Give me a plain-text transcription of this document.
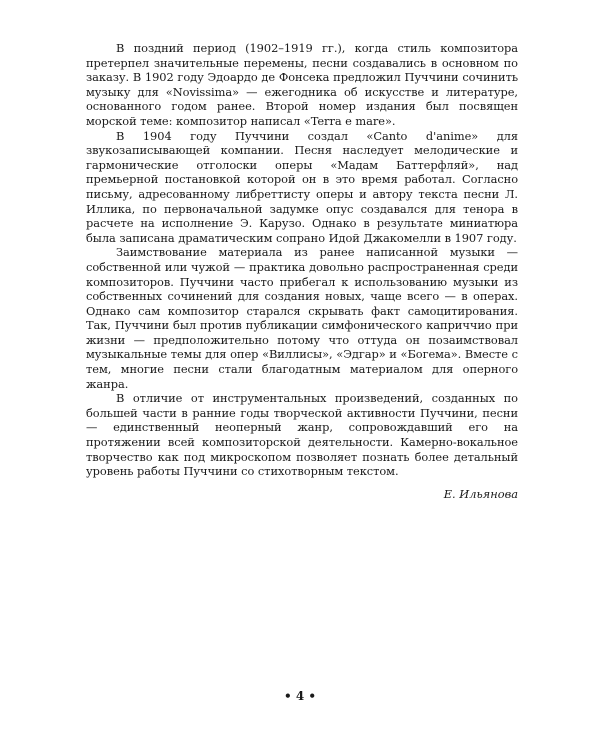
В поздний период (1902–1919 гг.), когда стиль композитора претерпел значительные перемены, песни создавались в основном по заказу. В 1902 году Эдоардо де Фонсека предложил Пуччини сочинить музыку для «Novissima» — ежегодника об искусстве и литературе, основанного годом ранее. Второй номер издания был посвящен морской теме: композитор написал «Terra e mare».

В 1904 году Пуччини создал «Canto d'anime» для звукозаписывающей компании. Песня наследует мелодические и гармонические отголоски оперы «Мадам Баттерфляй», над премьерной постановкой которой он в это время работал. Согласно письму, адресованному либреттисту оперы и автору текста песни Л. Иллика, по первоначальной задумке опус создавался для тенора в расчете на исполнение Э. Карузо. Однако в результате миниатюра была записана драматическим сопрано Идой Джакомелли в 1907 году.

Заимствование материала из ранее написанной музыки — собственной или чужой — практика довольно распространенная среди композиторов. Пуччини часто прибегал к использованию музыки из собственных сочинений для создания новых, чаще всего — в операх. Однако сам композитор старался скрывать факт самоцитирования. Так, Пуччини был против публикации симфонического каприччио при жизни — предположительно потому что оттуда он позаимствовал музыкальные темы для опер «Виллисы», «Эдгар» и «Богема». Вместе с тем, многие песни стали благодатным материалом для оперного жанра.

В отличие от инструментальных произведений, созданных по большей части в ранние годы творческой активности Пуччини, песни — единственный неоперный жанр, сопровождавший его на протяжении всей композиторской деятельности. Камерно-вокальное творчество как под микроскопом позволяет познать более детальный уровень работы Пуччини со стихотворным текстом.

Е. Ильянова

• 4 •
